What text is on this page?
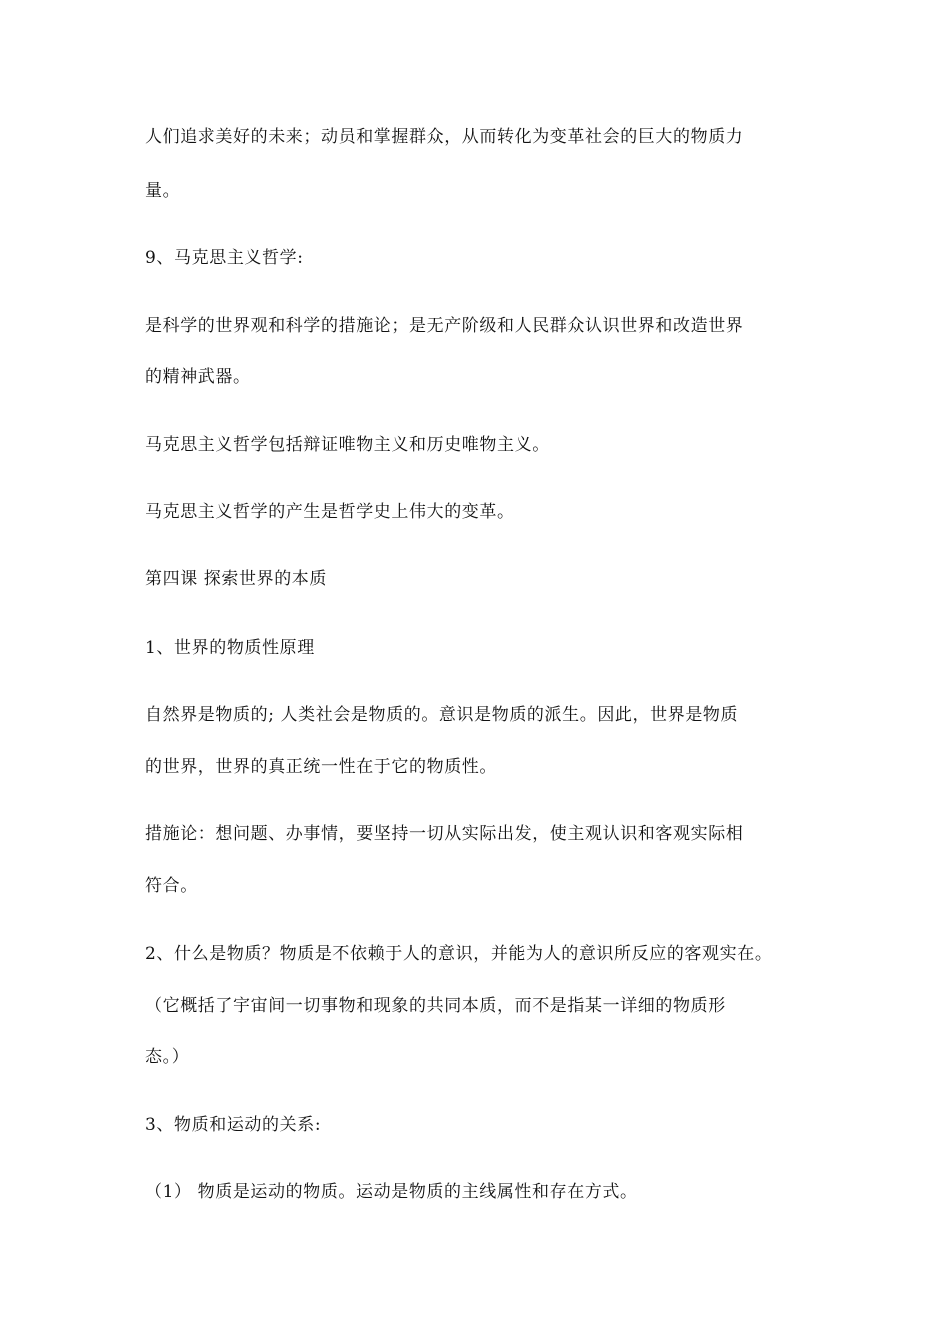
人们追求美好的未来；动员和掌握群众，从而转化为变革社会的巨大的物质力
量。
9、马克思主义哲学:
是科学的世界观和科学的措施论；是无产阶级和人民群众认识世界和改造世界
的精神武器。
马克思主义哲学包括辩证唯物主义和历史唯物主义。
马克思主义哲学的产生是哲学史上伟大的变革。
第四课 探索世界的本质
1、世界的物质性原理
自然界是物质的; 人类社会是物质的。意识是物质的派生。因此，世界是物质
的世界，世界的真正统一性在于它的物质性。
措施论：想问题、办事情，要坚持一切从实际出发，使主观认识和客观实际相
符合。
2、什么是物质？物质是不依赖于人的意识，并能为人的意识所反应的客观实在。
（它概括了宇宙间一切事物和现象的共同本质，而不是指某一详细的物质形
态。）
3、物质和运动的关系:
（1） 物质是运动的物质。运动是物质的主线属性和存在方式。
